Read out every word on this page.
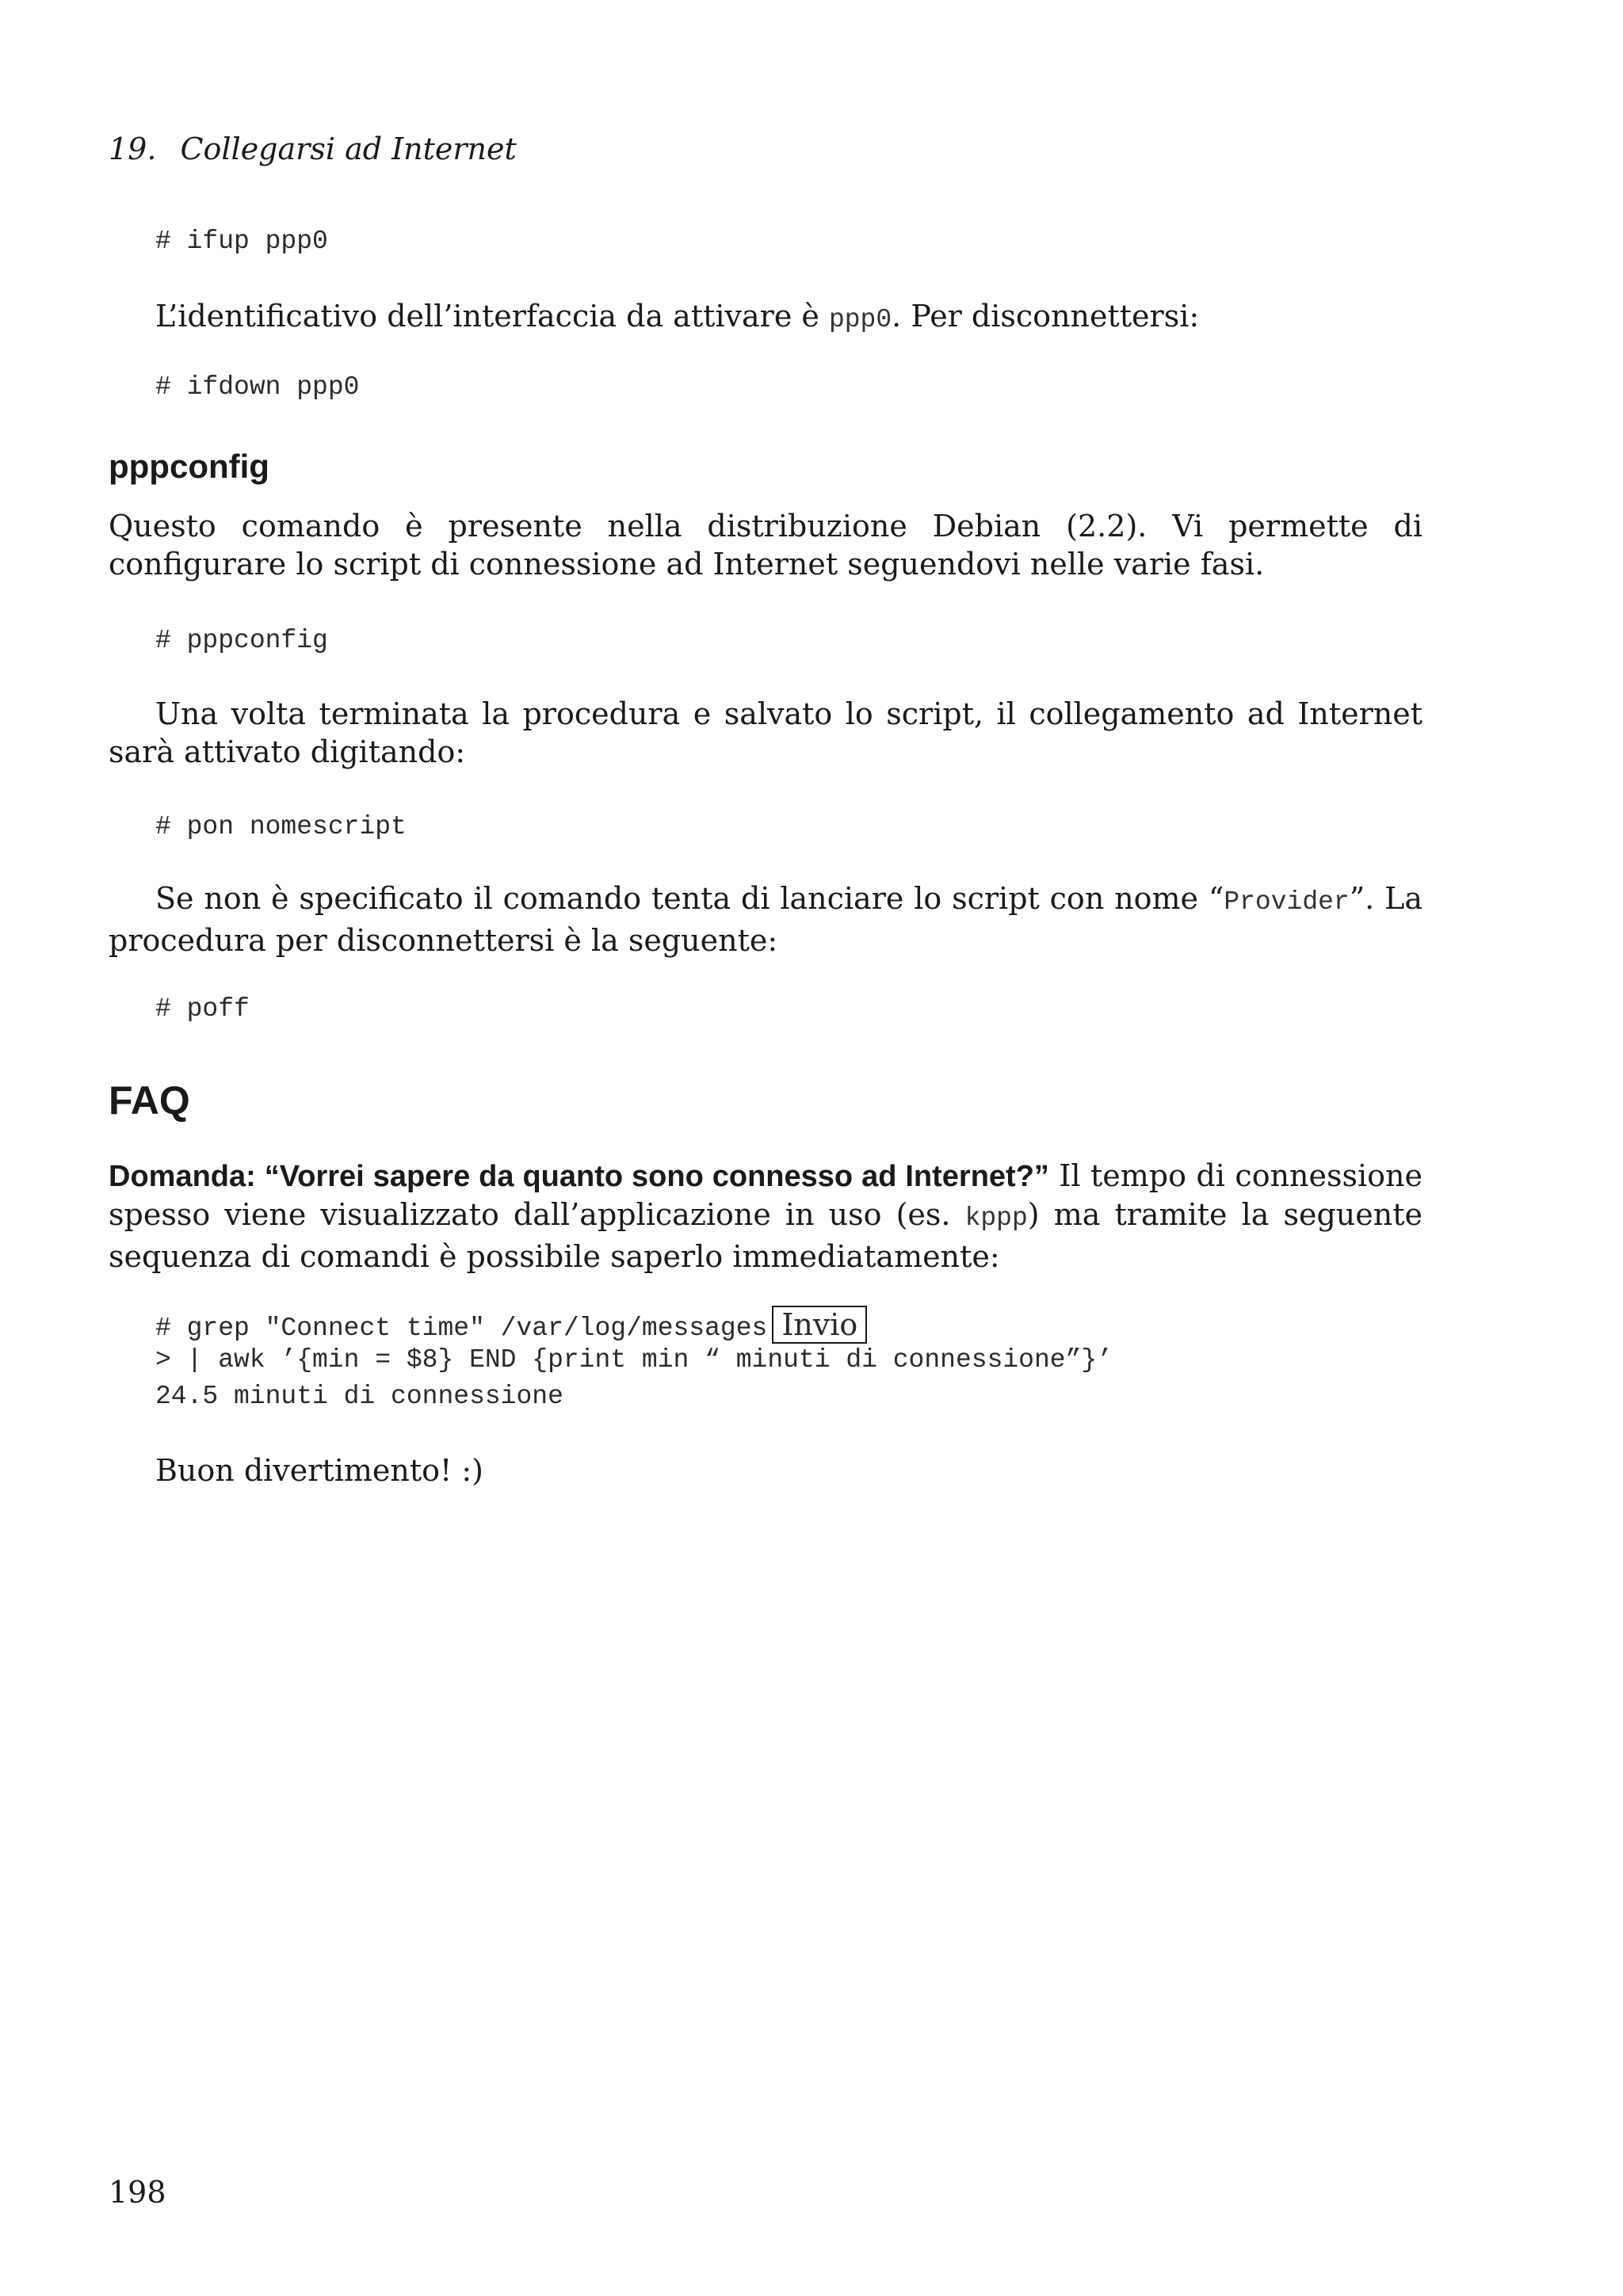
19. Collegarsi ad Internet
# ifup ppp0
L’identificativo dell’interfaccia da attivare è ppp0. Per disconnettersi:
# ifdown ppp0
pppconfig
Questo comando è presente nella distribuzione Debian (2.2). Vi permette di configurare lo script di connessione ad Internet seguendovi nelle varie fasi.
# pppconfig
Una volta terminata la procedura e salvato lo script, il collegamento ad Internet sarà attivato digitando:
# pon nomescript
Se non è specificato il comando tenta di lanciare lo script con nome “Provider”. La procedura per disconnettersi è la seguente:
# poff
FAQ
Domanda: “Vorrei sapere da quanto sono connesso ad Internet?” Il tempo di connessione spesso viene visualizzato dall’applicazione in uso (es. kppp) ma tramite la seguente sequenza di comandi è possibile saperlo immediatamente:
# grep "Connect time" /var/log/messages Invio
> | awk ’{min = $8} END {print min “ minuti di connessione”}’
24.5 minuti di connessione
Buon divertimento! :)
198
